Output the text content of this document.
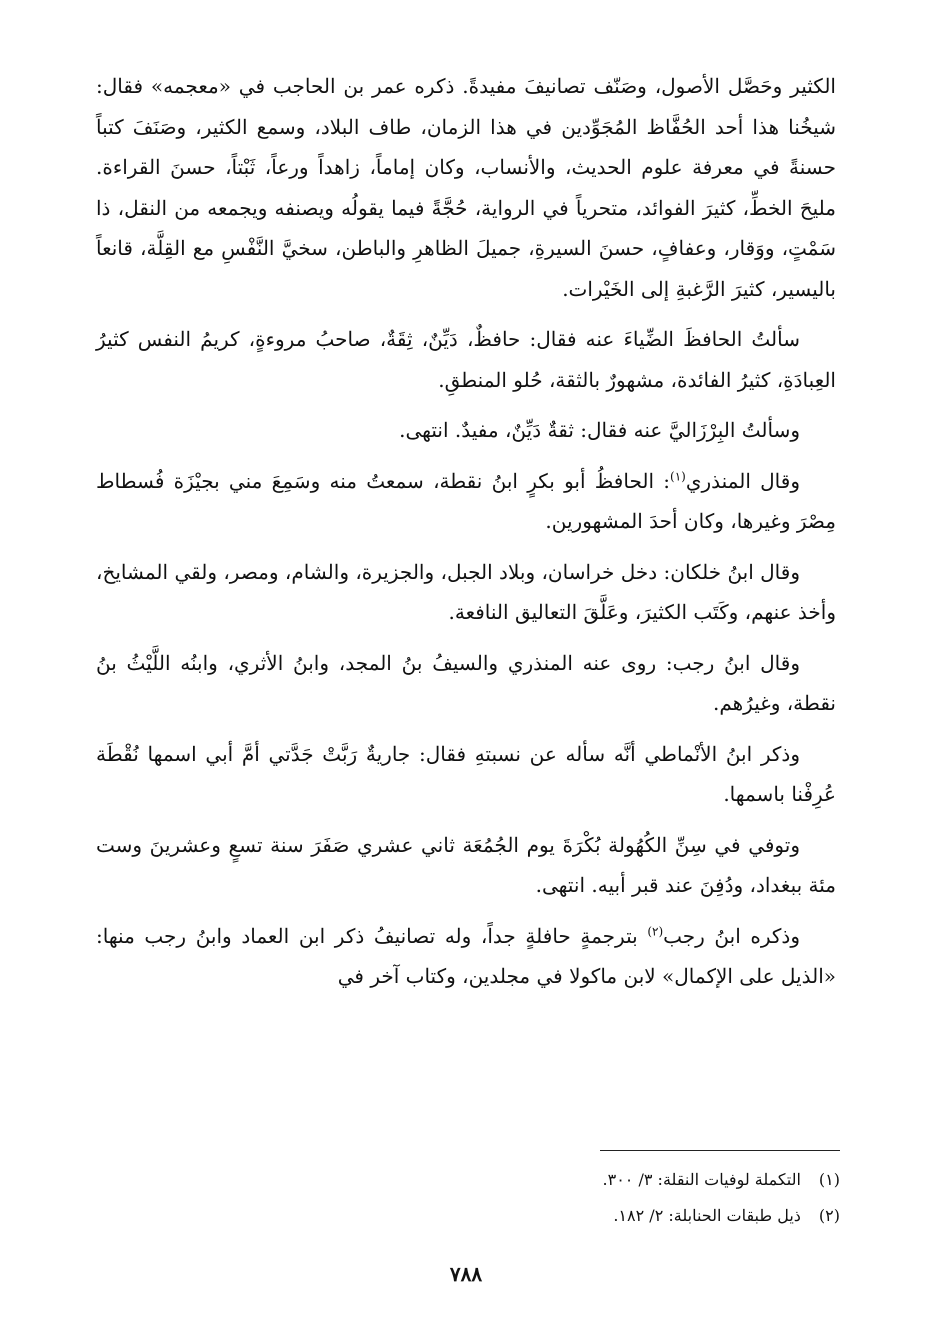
الكثير وحَصَّل الأصول، وصَنّف تصانيفَ مفيدةً. ذكره عمر بن الحاجب في «معجمه» فقال: شيخُنا هذا أحد الحُفَّاظ المُجَوِّدين في هذا الزمان، طاف البلاد، وسمع الكثير، وصَنَفَ كتباً حسنةً في معرفة علوم الحديث، والأنساب، وكان إماماً، زاهداً ورعاً، ثَبْتاً، حسنَ القراءة. مليحَ الخطِّ، كثيرَ الفوائد، متحرياً في الرواية، حُجَّةً فيما يقولُه ويصنفه ويجمعه من النقل، ذا سَمْتٍ، ووَقار، وعفافٍ، حسنَ السيرةِ، جميلَ الظاهرِ والباطن، سخيَّ النَّفْسِ مع القِلَّة، قانعاً باليسير، كثيرَ الرَّغبةِ إلى الخَيْرات.

سألتُ الحافظَ الضِّياءَ عنه فقال: حافظٌ، دَيِّنٌ، ثِقَةٌ، صاحبُ مروءةٍ، كريمُ النفس كثيرُ العِبادَةِ، كثيرُ الفائدة، مشهورٌ بالثقة، حُلو المنطقِ.

وسألتُ البِرْزَاليَّ عنه فقال: ثقةٌ دَيِّنٌ، مفيدٌ. انتهى.

وقال المنذري$^{(١)}$: الحافظُ أبو بكرٍ ابنُ نقطة، سمعتُ منه وسَمِعَ مني بجيْزَة فُسطاط مِصْرَ وغيرها، وكان أحدَ المشهورين.

وقال ابنُ خلكان: دخل خراسان، وبلاد الجبل، والجزيرة، والشام، ومصر، ولقي المشايخ، وأخذ عنهم، وكَتَب الكثيرَ، وعَلَّقَ التعاليق النافعة.

وقال ابنُ رجب: روى عنه المنذري والسيفُ بنُ المجد، وابنُ الأثري، وابنُه اللَّيْثُ بنُ نقطة، وغيرُهم.

وذكر ابنُ الأنْماطي أنَّه سأله عن نسبتهِ فقال: جاريةٌ رَبَّتْ جَدَّتي أمَّ أبي اسمها نُقْطَة عُرِفْنا باسمها.

وتوفي في سِنِّ الكُهُولة بُكْرَةَ يوم الجُمُعَة ثاني عشري صَفَرَ سنة تسعٍ وعشرينَ وست مئة ببغداد، ودُفِنَ عند قبر أبيه. انتهى.

وذكره ابنُ رجب$^{(٢)}$ بترجمةٍ حافلةٍ جداً، وله تصانيفُ ذكر ابن العماد وابنُ رجب منها: «الذيل على الإكمال» لابن ماكولا في مجلدين، وكتاب آخر في

(١) التكملة لوفيات النقلة: ٣/ ٣٠٠.

(٢) ذيل طبقات الحنابلة: ٢/ ١٨٢.

٧٨٨
